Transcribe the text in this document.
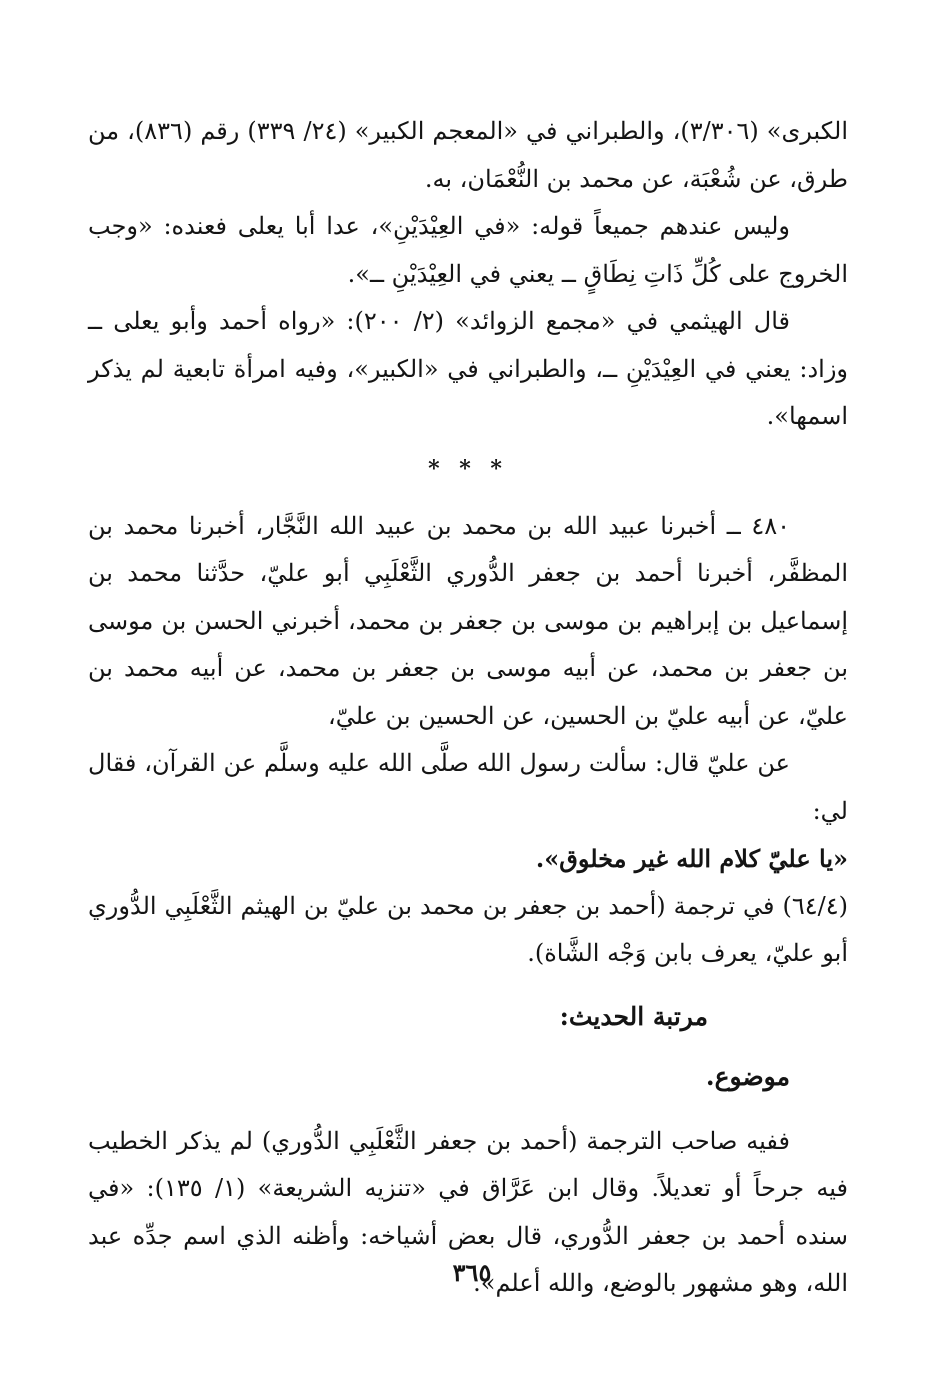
الكبرى» (٣/٣٠٦)، والطبراني في «المعجم الكبير» (٢٤/ ٣٣٩) رقم (٨٣٦)، من طرق، عن شُعْبَة، عن محمد بن النُّعْمَان، به.

وليس عندهم جميعاً قوله: «في العِيْدَيْنِ»، عدا أبا يعلى فعنده: «وجب الخروج على كُلِّ ذَاتِ نِطَاقٍ ــ يعني في العِيْدَيْنِ ــ».

قال الهيثمي في «مجمع الزوائد» (٢/ ٢٠٠): «رواه أحمد وأبو يعلى ــ وزاد: يعني في العِيْدَيْنِ ــ، والطبراني في «الكبير»، وفيه امرأة تابعية لم يذكر اسمها».

* * *

٤٨٠ ــ أخبرنا عبيد الله بن محمد بن عبيد الله النَّجَّار، أخبرنا محمد بن المظفَّر، أخبرنا أحمد بن جعفر الدُّوري الثَّعْلَبِي أبو عليّ، حدَّثنا محمد بن إسماعيل بن إبراهيم بن موسى بن جعفر بن محمد، أخبرني الحسن بن موسى بن جعفر بن محمد، عن أبيه موسى بن جعفر بن محمد، عن أبيه محمد بن عليّ، عن أبيه عليّ بن الحسين، عن الحسين بن عليّ،

عن عليّ قال: سألت رسول الله صلَّى الله عليه وسلَّم عن القرآن، فقال لي:

«يا عليّ كلام الله غير مخلوق».

(٦٤/٤) في ترجمة (أحمد بن جعفر بن محمد بن عليّ بن الهيثم الثَّعْلَبِي الدُّوري أبو عليّ، يعرف بابن وَجْه الشَّاة).

مرتبة الحديث:

موضوع.

ففيه صاحب الترجمة (أحمد بن جعفر الثَّعْلَبِي الدُّوري) لم يذكر الخطيب فيه جرحاً أو تعديلاً. وقال ابن عَرَّاق في «تنزيه الشريعة» (١/ ١٣٥): «في سنده أحمد بن جعفر الدُّوري، قال بعض أشياخه: وأظنه الذي اسم جدِّه عبد الله، وهو مشهور بالوضع، والله أعلم».

٣٦٥
